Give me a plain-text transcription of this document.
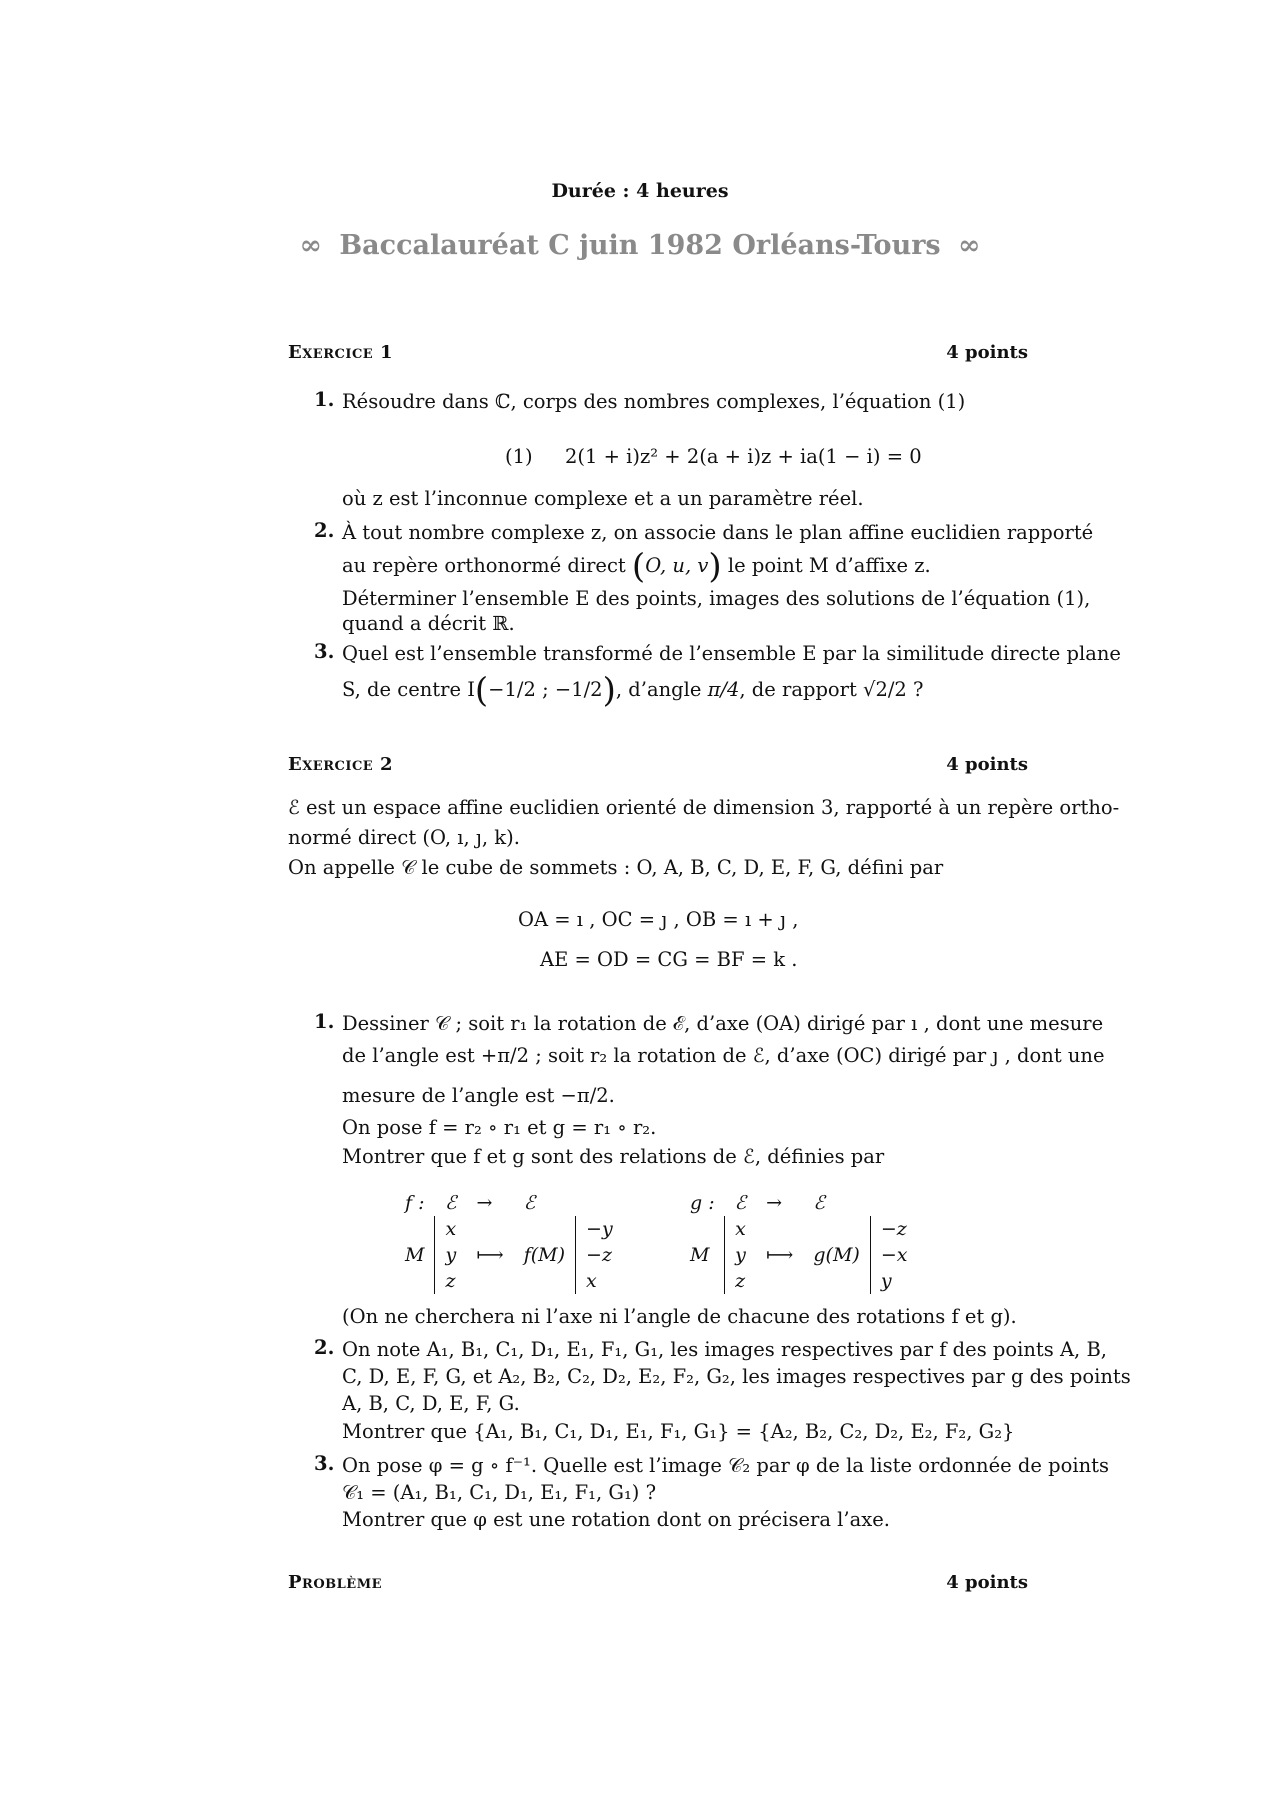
Durée : 4 heures
∞ Baccalauréat C juin 1982 Orléans-Tours ∞
Exercice 1	4 points
1. Résoudre dans ℂ, corps des nombres complexes, l’équation (1)
(1) 2(1 + i)z² + 2(a + i)z + ia(1 − i) = 0
où z est l’inconnue complexe et a un paramètre réel.
2. À tout nombre complexe z, on associe dans le plan affine euclidien rapporté
au repère orthonormé direct (O, u, v) le point M d’affixe z.
Déterminer l’ensemble E des points, images des solutions de l’équation (1),
quand a décrit ℝ.
3. Quel est l’ensemble transformé de l’ensemble E par la similitude directe plane
S, de centre I(−1/2 ; −1/2), d’angle π/4, de rapport √2/2 ?
Exercice 2	4 points
ℰ est un espace affine euclidien orienté de dimension 3, rapporté à un repère ortho-
normé direct (O, ı, ȷ, k).
On appelle 𝒞 le cube de sommets : O, A, B, C, D, E, F, G, défini par
OA = ı , OC = ȷ , OB = ı + ȷ ,
AE = OD = CG = BF = k .
1. Dessiner 𝒞 ; soit r₁ la rotation de ℰ, d’axe (OA) dirigé par ı , dont une mesure
de l’angle est +π/2 ; soit r₂ la rotation de ℰ, d’axe (OC) dirigé par ȷ , dont une
mesure de l’angle est −π/2.
On pose f = r₂ ∘ r₁ et g = r₁ ∘ r₂.
Montrer que f et g sont des relations de ℰ, définies par
f :	ℰ	→	ℰ	
	x			−y
M	y	⟼	f(M)	−z
	z			x
g :	ℰ	→	ℰ	
	x			−z
M	y	⟼	g(M)	−x
	z			y
(On ne cherchera ni l’axe ni l’angle de chacune des rotations f et g).
2. On note A₁, B₁, C₁, D₁, E₁, F₁, G₁, les images respectives par f des points A, B,
C, D, E, F, G, et A₂, B₂, C₂, D₂, E₂, F₂, G₂, les images respectives par g des points
A, B, C, D, E, F, G.
Montrer que {A₁, B₁, C₁, D₁, E₁, F₁, G₁} = {A₂, B₂, C₂, D₂, E₂, F₂, G₂}
3. On pose φ = g ∘ f⁻¹. Quelle est l’image 𝒞₂ par φ de la liste ordonnée de points
𝒞₁ = (A₁, B₁, C₁, D₁, E₁, F₁, G₁) ?
Montrer que φ est une rotation dont on précisera l’axe.
Problème	4 points
